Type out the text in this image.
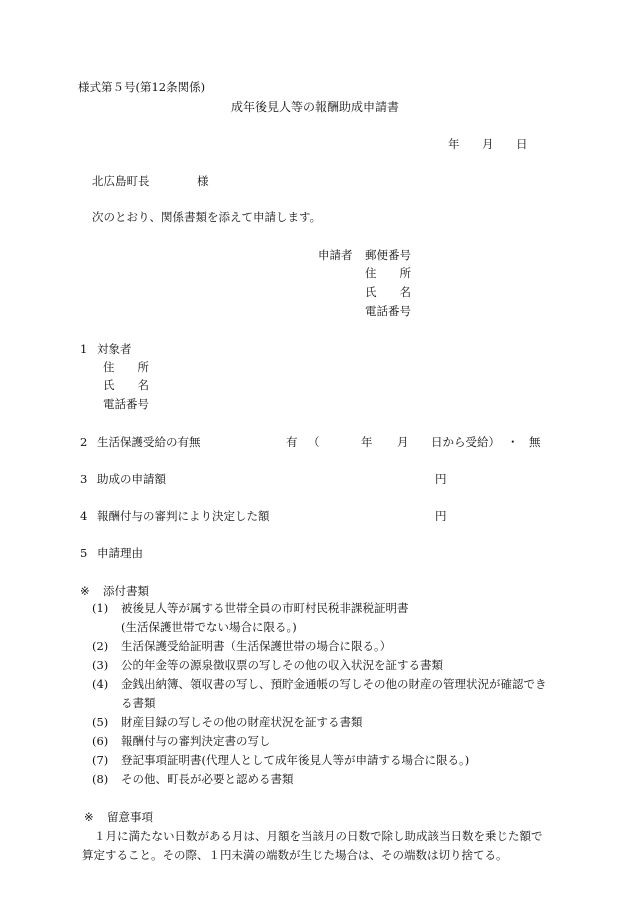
様式第５号(第12条関係)
成年後見人等の報酬助成申請書
年 月 日
北広島町長	様
次のとおり、関係書類を添えて申請します。
申請者 郵便番号
住　　所
氏　　名
電話番号
1 対象者
住　　所
氏　　名
電話番号
2 生活保護受給の有無	有 （	年 月 日から受給） ・ 無
3 助成の申請額	円
4 報酬付与の審判により決定した額	円
5 申請理由
※ 添付書類
(1) 被後見人等が属する世帯全員の市町村民税非課税証明書
(生活保護世帯でない場合に限る。)
(2) 生活保護受給証明書（生活保護世帯の場合に限る。）
(3) 公的年金等の源泉徴収票の写しその他の収入状況を証する書類
(4) 金銭出納簿、領収書の写し、預貯金通帳の写しその他の財産の管理状況が確認でき
る書類
(5) 財産目録の写しその他の財産状況を証する書類
(6) 報酬付与の審判決定書の写し
(7) 登記事項証明書(代理人として成年後見人等が申請する場合に限る。)
(8) その他、町長が必要と認める書類
※ 留意事項
１月に満たない日数がある月は、月額を当該月の日数で除し助成該当日数を乗じた額で
算定すること。その際、１円未満の端数が生じた場合は、その端数は切り捨てる。
